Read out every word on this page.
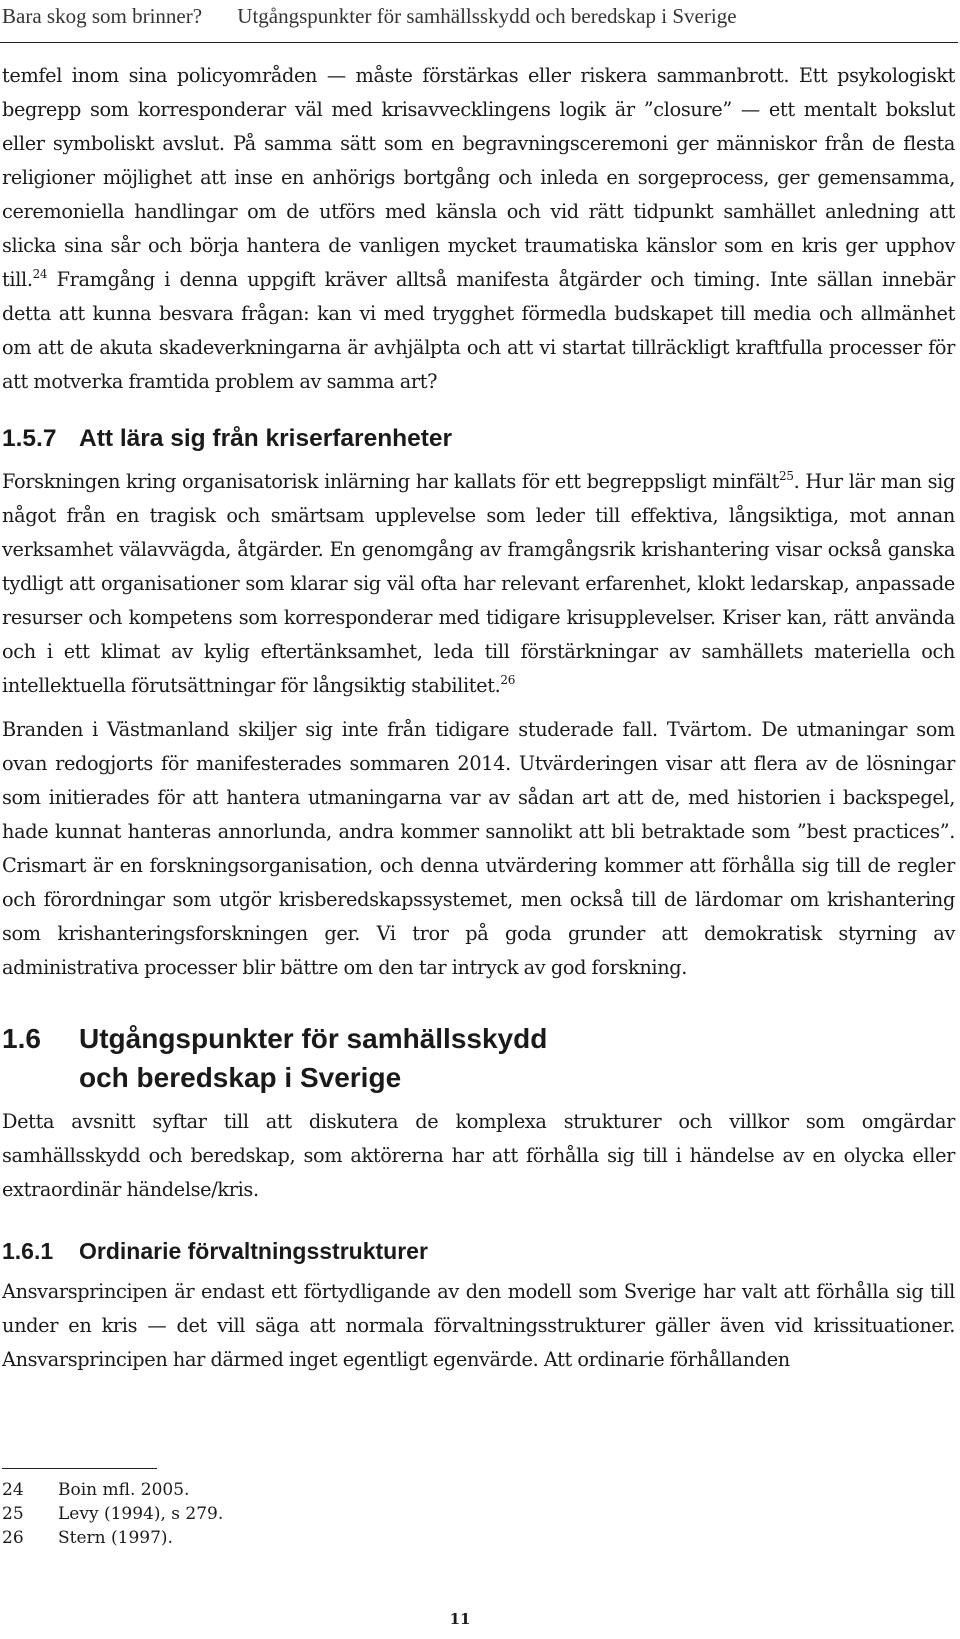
Bara skog som brinner? Utgångspunkter för samhällsskydd och beredskap i Sverige

temfel inom sina policyområden — måste förstärkas eller riskera sammanbrott. Ett psykologiskt begrepp som korresponderar väl med krisavvecklingens logik är ”closure” — ett mentalt bokslut eller symboliskt avslut. På samma sätt som en begravningsceremoni ger människor från de flesta religioner möjlighet att inse en anhörigs bortgång och inleda en sorgeprocess, ger gemensamma, ceremoniella handlingar om de utförs med känsla och vid rätt tidpunkt samhället anledning att slicka sina sår och börja hantera de vanligen mycket traumatiska känslor som en kris ger upphov till.$^{24}$ Framgång i denna uppgift kräver alltså manifesta åtgärder och timing. Inte sällan innebär detta att kunna besvara frågan: kan vi med trygghet förmedla budskapet till media och allmänhet om att de akuta skadeverkningarna är avhjälpta och att vi startat tillräckligt kraftfulla processer för att motverka framtida problem av samma art?

1.5.7 Att lära sig från kriserfarenheter

Forskningen kring organisatorisk inlärning har kallats för ett begreppsligt minfält$^{25}$. Hur lär man sig något från en tragisk och smärtsam upplevelse som leder till effektiva, långsiktiga, mot annan verksamhet välavvägda, åtgärder. En genomgång av framgångsrik krishantering visar också ganska tydligt att organisationer som klarar sig väl ofta har relevant erfarenhet, klokt ledarskap, anpassade resurser och kompetens som korresponderar med tidigare krisupplevelser. Kriser kan, rätt använda och i ett klimat av kylig eftertänksamhet, leda till förstärkningar av samhällets materiella och intellektuella förutsättningar för långsiktig stabilitet.$^{26}$

Branden i Västmanland skiljer sig inte från tidigare studerade fall. Tvärtom. De utmaningar som ovan redogjorts för manifesterades sommaren 2014. Utvärderingen visar att flera av de lösningar som initierades för att hantera utmaningarna var av sådan art att de, med historien i backspegel, hade kunnat hanteras annorlunda, andra kommer sannolikt att bli betraktade som ”best practices”. Crismart är en forskningsorganisation, och denna utvärdering kommer att förhålla sig till de regler och förordningar som utgör krisberedskapssystemet, men också till de lärdomar om krishantering som krishanteringsforskningen ger. Vi tror på goda grunder att demokratisk styrning av administrativa processer blir bättre om den tar intryck av god forskning.

1.6	Utgångspunkter för samhällsskydd
och beredskap i Sverige

Detta avsnitt syftar till att diskutera de komplexa strukturer och villkor som omgärdar samhällsskydd och beredskap, som aktörerna har att förhålla sig till i händelse av en olycka eller extraordinär händelse/kris.

1.6.1 Ordinarie förvaltningsstrukturer

Ansvarsprincipen är endast ett förtydligande av den modell som Sverige har valt att förhålla sig till under en kris — det vill säga att normala förvaltningsstrukturer gäller även vid krissituationer. Ansvarsprincipen har därmed inget egentligt egenvärde. Att ordinarie förhållanden

24	Boin mfl. 2005.
25	Levy (1994), s 279.
26	Stern (1997).
11
